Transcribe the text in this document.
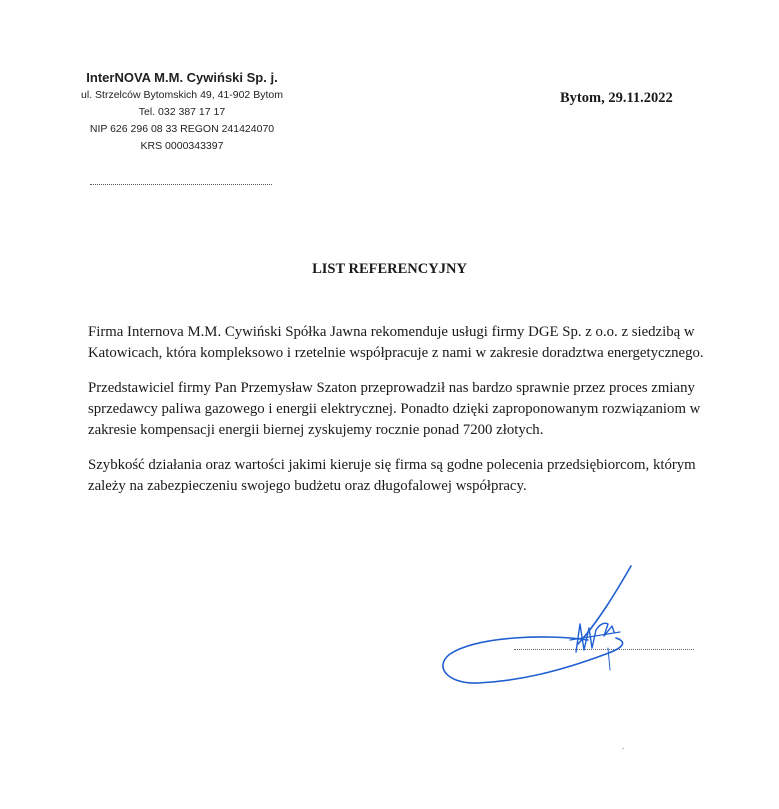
InterNOVA M.M. Cywiński Sp. j.
ul. Strzelców Bytomskich 49, 41-902 Bytom
Tel. 032 387 17 17
NIP 626 296 08 33 REGON 241424070
KRS 0000343397
Bytom, 29.11.2022
LIST REFERENCYJNY

Firma Internova M.M. Cywiński Spółka Jawna rekomenduje usługi firmy DGE Sp. z o.o. z siedzibą w Katowicach, która kompleksowo i rzetelnie współpracuje z nami w zakresie doradztwa energetycznego.

Przedstawiciel firmy Pan Przemysław Szaton przeprowadził nas bardzo sprawnie przez proces zmiany sprzedawcy paliwa gazowego i energii elektrycznej. Ponadto dzięki zaproponowanym rozwiązaniom w zakresie kompensacji energii biernej zyskujemy rocznie ponad 7200 złotych.

Szybkość działania oraz wartości jakimi kieruje się firma są godne polecenia przedsiębiorcom, którym zależy na zabezpieczeniu swojego budżetu oraz długofalowej współpracy.
